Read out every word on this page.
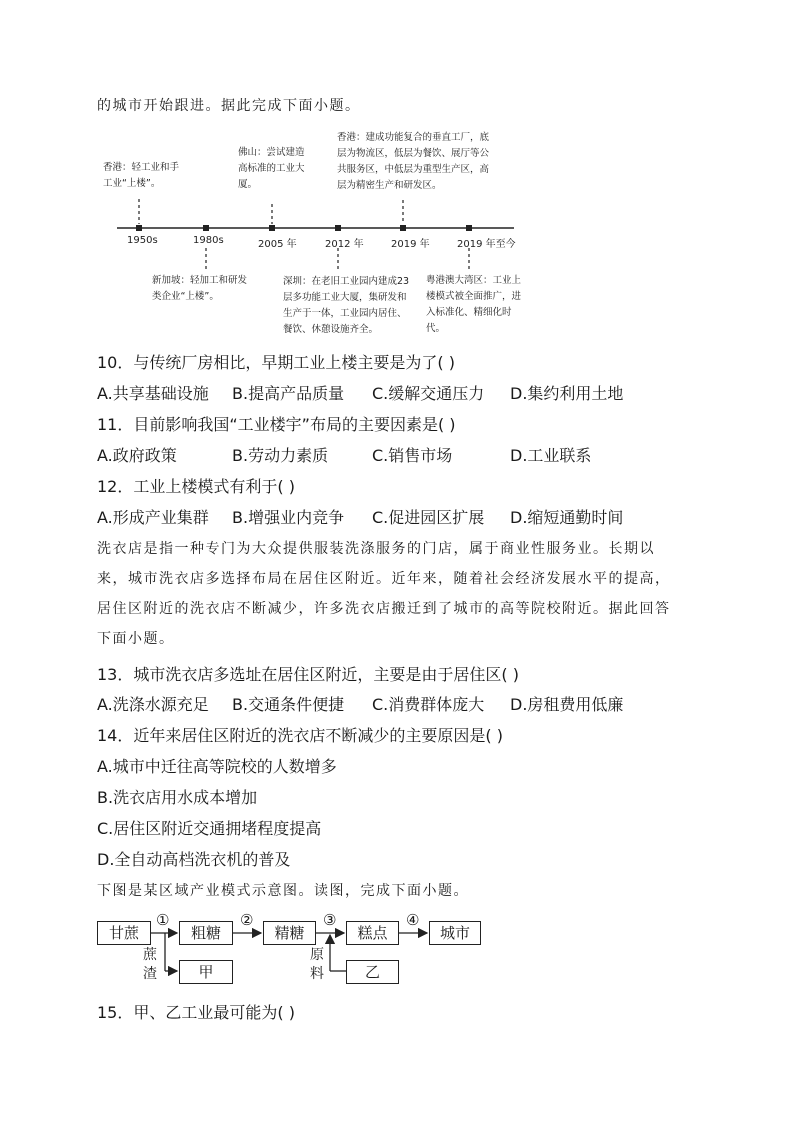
的城市开始跟进。据此完成下面小题。
1950s	1980s	2005 年	2012 年	2019 年	2019 年至今
香港：轻工业和手工业“上楼”。
佛山：尝试建造高标准的工业大厦。
香港：建成功能复合的垂直工厂，底层为物流区，低层为餐饮、展厅等公共服务区，中低层为重型生产区，高层为精密生产和研发区。
新加坡：轻加工和研发类企业“上楼”。
深圳：在老旧工业园内建成23层多功能工业大厦，集研发和生产于一体，工业园内居住、餐饮、休憩设施齐全。
粤港澳大湾区：工业上楼模式被全面推广，进入标准化、精细化时代。
10．与传统厂房相比，早期工业上楼主要是为了( )
A.共享基础设施 B.提高产品质量 C.缓解交通压力 D.集约利用土地
11．目前影响我国“工业楼宇”布局的主要因素是( )
A.政府政策	B.劳动力素质	C.销售市场	D.工业联系
12．工业上楼模式有利于( )
A.形成产业集群 B.增强业内竞争 C.促进园区扩展 D.缩短通勤时间
洗衣店是指一种专门为大众提供服装洗涤服务的门店，属于商业性服务业。长期以
来，城市洗衣店多选择布局在居住区附近。近年来，随着社会经济发展水平的提高，
居住区附近的洗衣店不断减少，许多洗衣店搬迁到了城市的高等院校附近。据此回答
下面小题。
13．城市洗衣店多选址在居住区附近，主要是由于居住区( )
A.洗涤水源充足 B.交通条件便捷 C.消费群体庞大 D.房租费用低廉
14．近年来居住区附近的洗衣店不断减少的主要原因是( )
A.城市中迁往高等院校的人数增多
B.洗衣店用水成本增加
C.居住区附近交通拥堵程度提高
D.全自动高档洗衣机的普及
下图是某区域产业模式示意图。读图，完成下面小题。
甘蔗	粗糖	精糖	糕点	城市
甲	乙
①	②	③	④
蔗
渣
原
料
15．甲、乙工业最可能为( )
